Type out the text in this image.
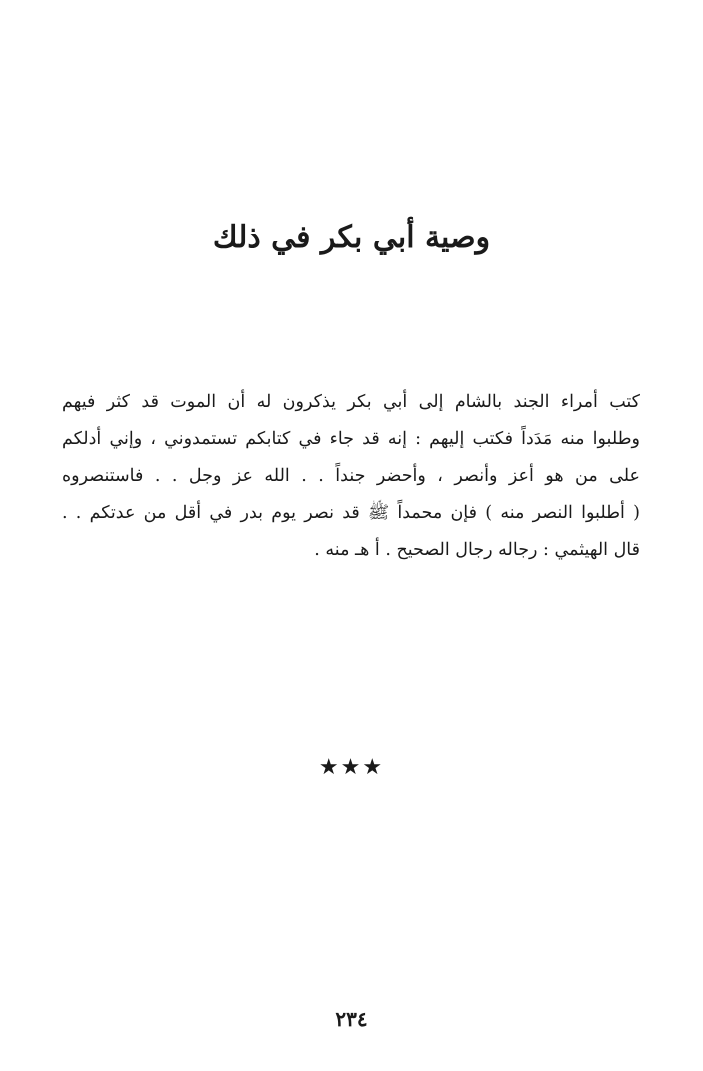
وصية أبي بكر في ذلك
كتب أمراء الجند بالشام إلى أبي بكر يذكرون له أن الموت قد كثر فيهم
وطلبوا منه مَدَداً فكتب إليهم : إنه قد جاء في كتابكم تستمدوني ، وإني أدلكم
على من هو أعز وأنصر ، وأحضر جنداً . . الله عز وجل . . فاستنصروه
( أطلبوا النصر منه ) فإن محمداً ﷺ قد نصر يوم بدر في أقل من عدتكم . .
قال الهيثمي : رجاله رجال الصحيح . أ هـ منه .
★★★
٢٣٤
